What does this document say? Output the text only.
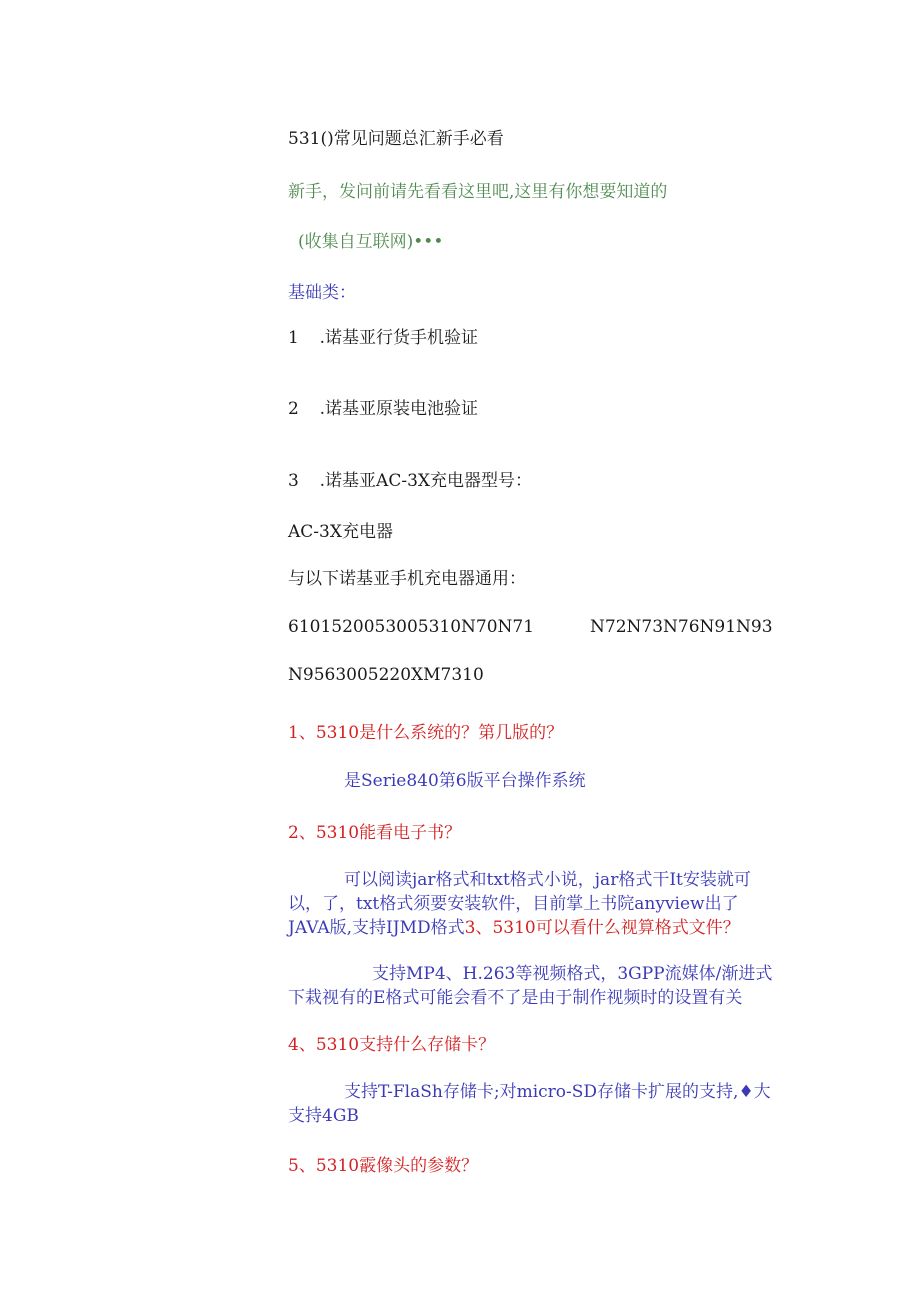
531()常见问题总汇新手必看
新手，发问前请先看看这里吧,这里有你想要知道的
(收集自互联网)•••
基础类：
1 .诺基亚行货手机验证
2 .诺基亚原装电池验证
3 .诺基亚AC-3X充电器型号：
AC-3X充电器
与以下诺基亚手机充电器通用：
6101520053005310N70N71	N72N73N76N91N93
N9563005220XM7310
1、5310是什么系统的？第几版的？
是Serie840第6版平台操作系统
2、5310能看电子书？
可以阅读jar格式和txt格式小说，jar格式干It安装就可以，了，txt格式须要安装软件，目前掌上书院anyview出了JAVA版,支持IJMD格式3、5310可以看什么视算格式文件？
支持MP4、H.263等视频格式，3GPP流媒体/渐进式下栽视有的E格式可能会看不了是由于制作视频时的设置有关
4、5310支持什么存储卡？
支持T-FlaSh存储卡;对micro-SD存储卡扩展的支持,♦大支持4GB
5、5310霰像头的参数？
